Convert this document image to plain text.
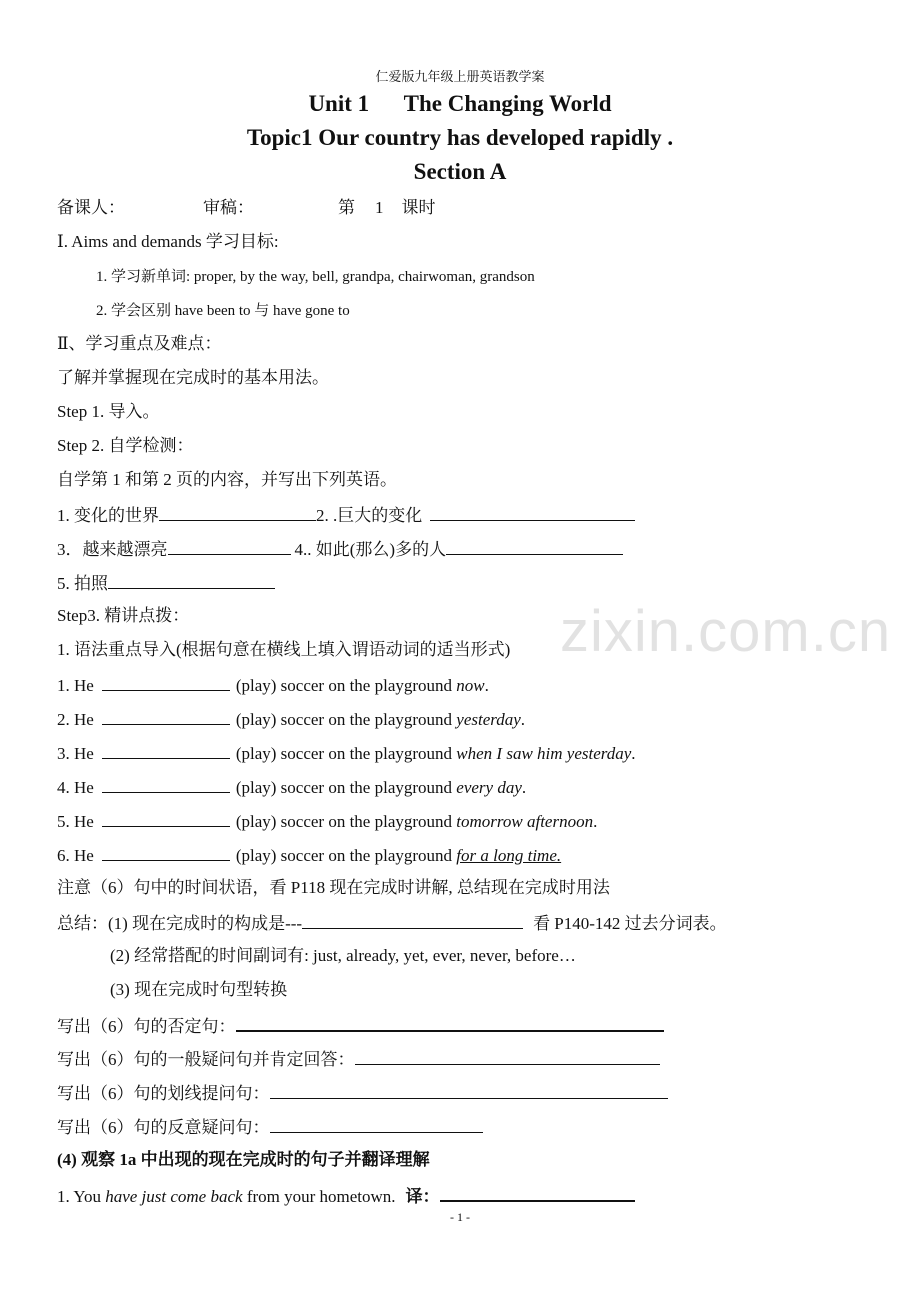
仁爱版九年级上册英语教学案
Unit 1      The Changing World
Topic1 Our country has developed rapidly .
Section A
备课人：	审稿：	第 1 课时
Ⅰ. Aims and demands 学习目标:
1. 学习新单词: proper, by the way, bell, grandpa, chairwoman, grandson
2. 学会区别 have been to 与 have gone to
Ⅱ、学习重点及难点：
了解并掌握现在完成时的基本用法。
Step 1. 导入。
Step 2. 自学检测：
自学第 1 和第 2 页的内容，并写出下列英语。
1. 变化的世界	2. .巨大的变化
3．越来越漂亮	4.. 如此(那么)多的人
5. 拍照
Step3. 精讲点拨：
1. 语法重点导入(根据句意在横线上填入谓语动词的适当形式)
1. He	(play) soccer on the playground now.
2. He	(play) soccer on the playground yesterday.
3. He	(play) soccer on the playground when I saw him yesterday.
4. He	(play) soccer on the playground every day.
5. He	(play) soccer on the playground tomorrow afternoon.
6. He	(play) soccer on the playground for a long time.
注意（6）句中的时间状语，看 P118 现在完成时讲解, 总结现在完成时用法
总结：(1) 现在完成时的构成是---	看 P140-142 过去分词表。
(2) 经常搭配的时间副词有: just, already, yet, ever, never, before…
(3) 现在完成时句型转换
写出（6）句的否定句：
写出（6）句的一般疑问句并肯定回答：
写出（6）句的划线提问句：
写出（6）句的反意疑问句：
(4) 观察 1a 中出现的现在完成时的句子并翻译理解
1. You have just come back from your hometown. 译：
zixin.com.cn
- 1 -
